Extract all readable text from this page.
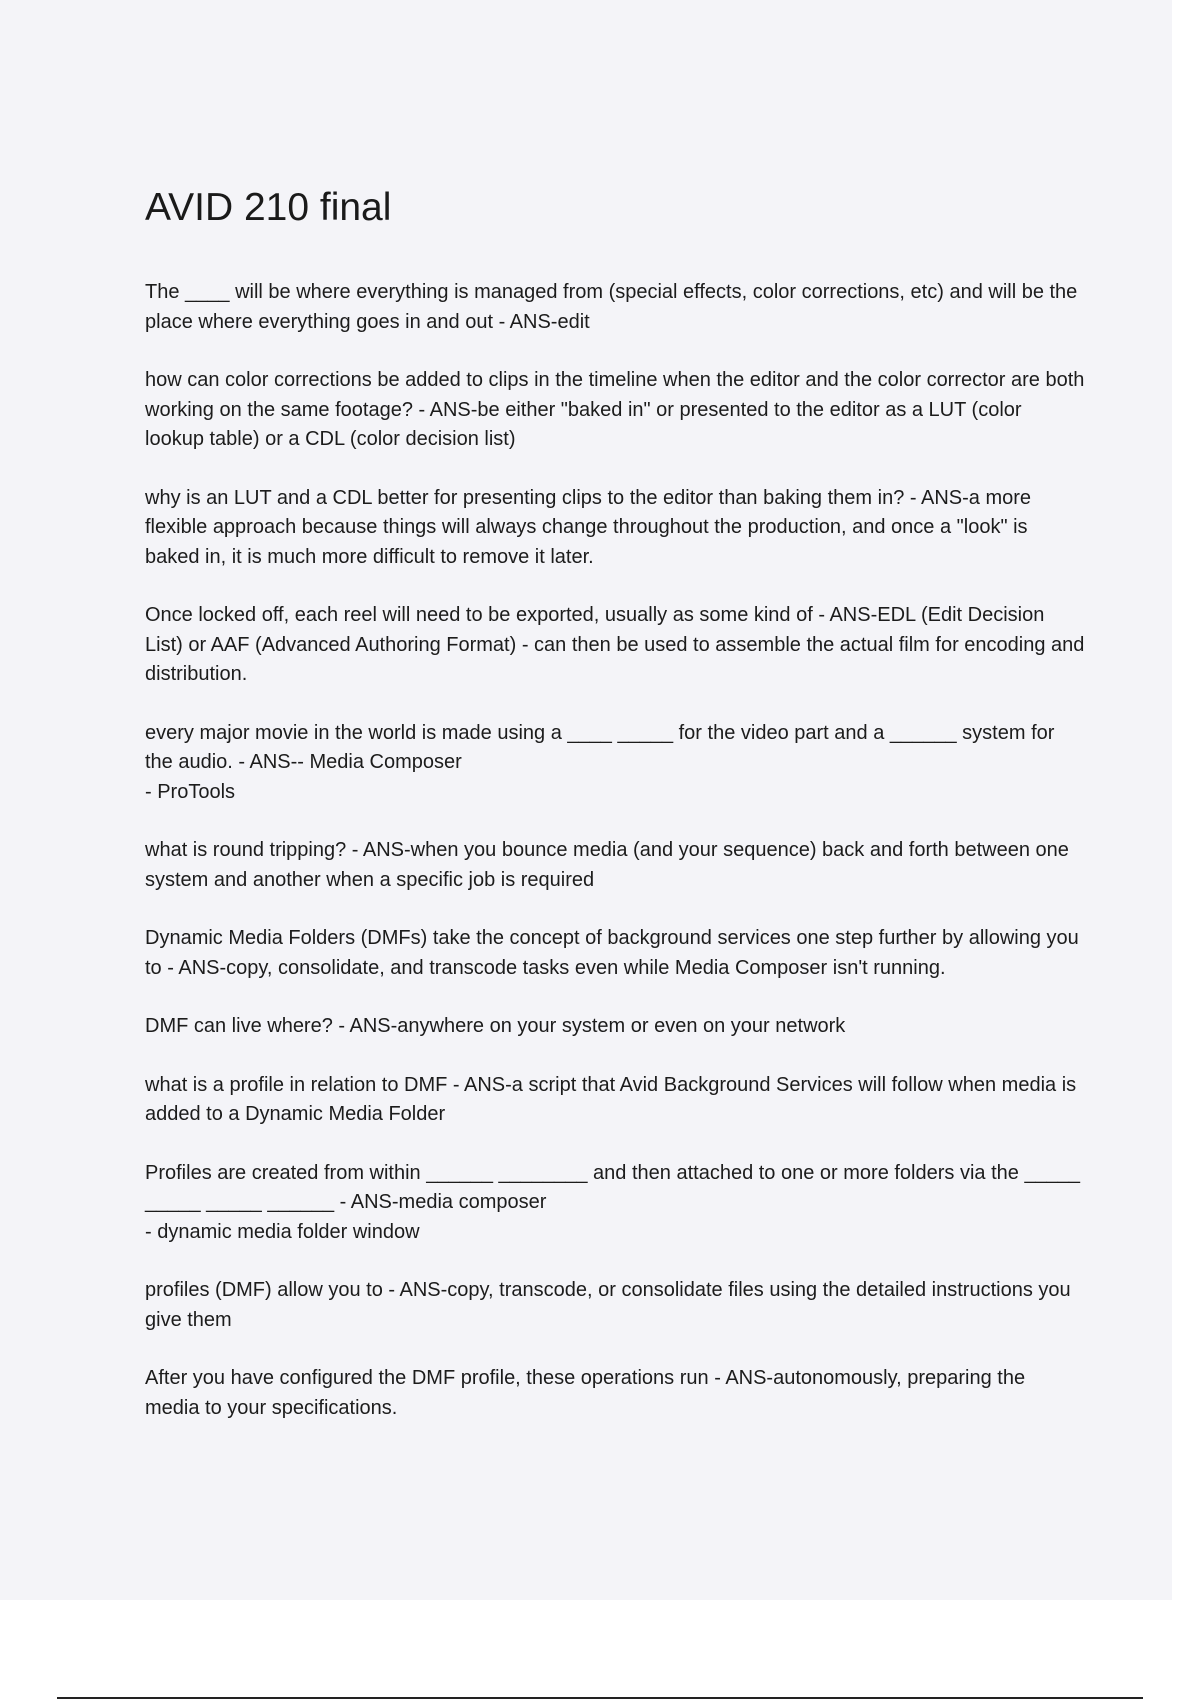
AVID 210 final

The ____ will be where everything is managed from (special effects, color corrections, etc) and will be the place where everything goes in and out - ANS-edit

how can color corrections be added to clips in the timeline when the editor and the color corrector are both working on the same footage? - ANS-be either "baked in" or presented to the editor as a LUT (color lookup table) or a CDL (color decision list)

why is an LUT and a CDL better for presenting clips to the editor than baking them in? - ANS-a more flexible approach because things will always change throughout the production, and once a "look" is baked in, it is much more difficult to remove it later.

Once locked off, each reel will need to be exported, usually as some kind of - ANS-EDL (Edit Decision List) or AAF (Advanced Authoring Format) - can then be used to assemble the actual film for encoding and distribution.

every major movie in the world is made using a ____ _____ for the video part and a ______ system for the audio. - ANS-- Media Composer
- ProTools

what is round tripping? - ANS-when you bounce media (and your sequence) back and forth between one system and another when a specific job is required

Dynamic Media Folders (DMFs) take the concept of background services one step further by allowing you to - ANS-copy, consolidate, and transcode tasks even while Media Composer isn't running.

DMF can live where? - ANS-anywhere on your system or even on your network

what is a profile in relation to DMF - ANS-a script that Avid Background Services will follow when media is added to a Dynamic Media Folder

Profiles are created from within ______ ________ and then attached to one or more folders via the _____ _____ _____ ______ - ANS-media composer
- dynamic media folder window

profiles (DMF) allow you to - ANS-copy, transcode, or consolidate files using the detailed instructions you give them

After you have configured the DMF profile, these operations run - ANS-autonomously, preparing the media to your specifications.
